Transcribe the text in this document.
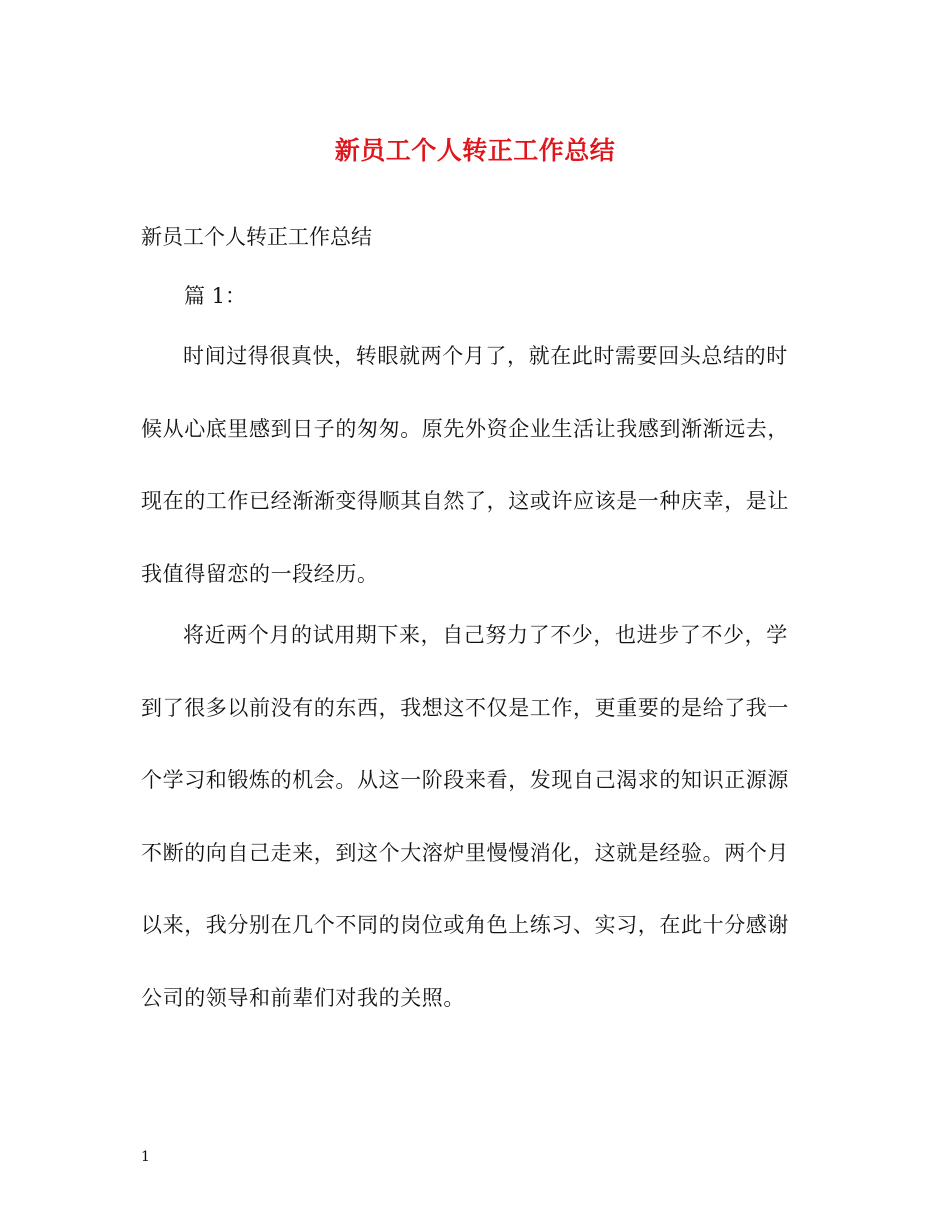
新员工个人转正工作总结
新员工个人转正工作总结
篇 1：
时间过得很真快，转眼就两个月了，就在此时需要回头总结的时
候从心底里感到日子的匆匆。原先外资企业生活让我感到渐渐远去，
现在的工作已经渐渐变得顺其自然了，这或许应该是一种庆幸，是让
我值得留恋的一段经历。
将近两个月的试用期下来，自己努力了不少，也进步了不少，学
到了很多以前没有的东西，我想这不仅是工作，更重要的是给了我一
个学习和锻炼的机会。从这一阶段来看，发现自己渴求的知识正源源
不断的向自己走来，到这个大溶炉里慢慢消化，这就是经验。两个月
以来，我分别在几个不同的岗位或角色上练习、实习，在此十分感谢
公司的领导和前辈们对我的关照。
1
